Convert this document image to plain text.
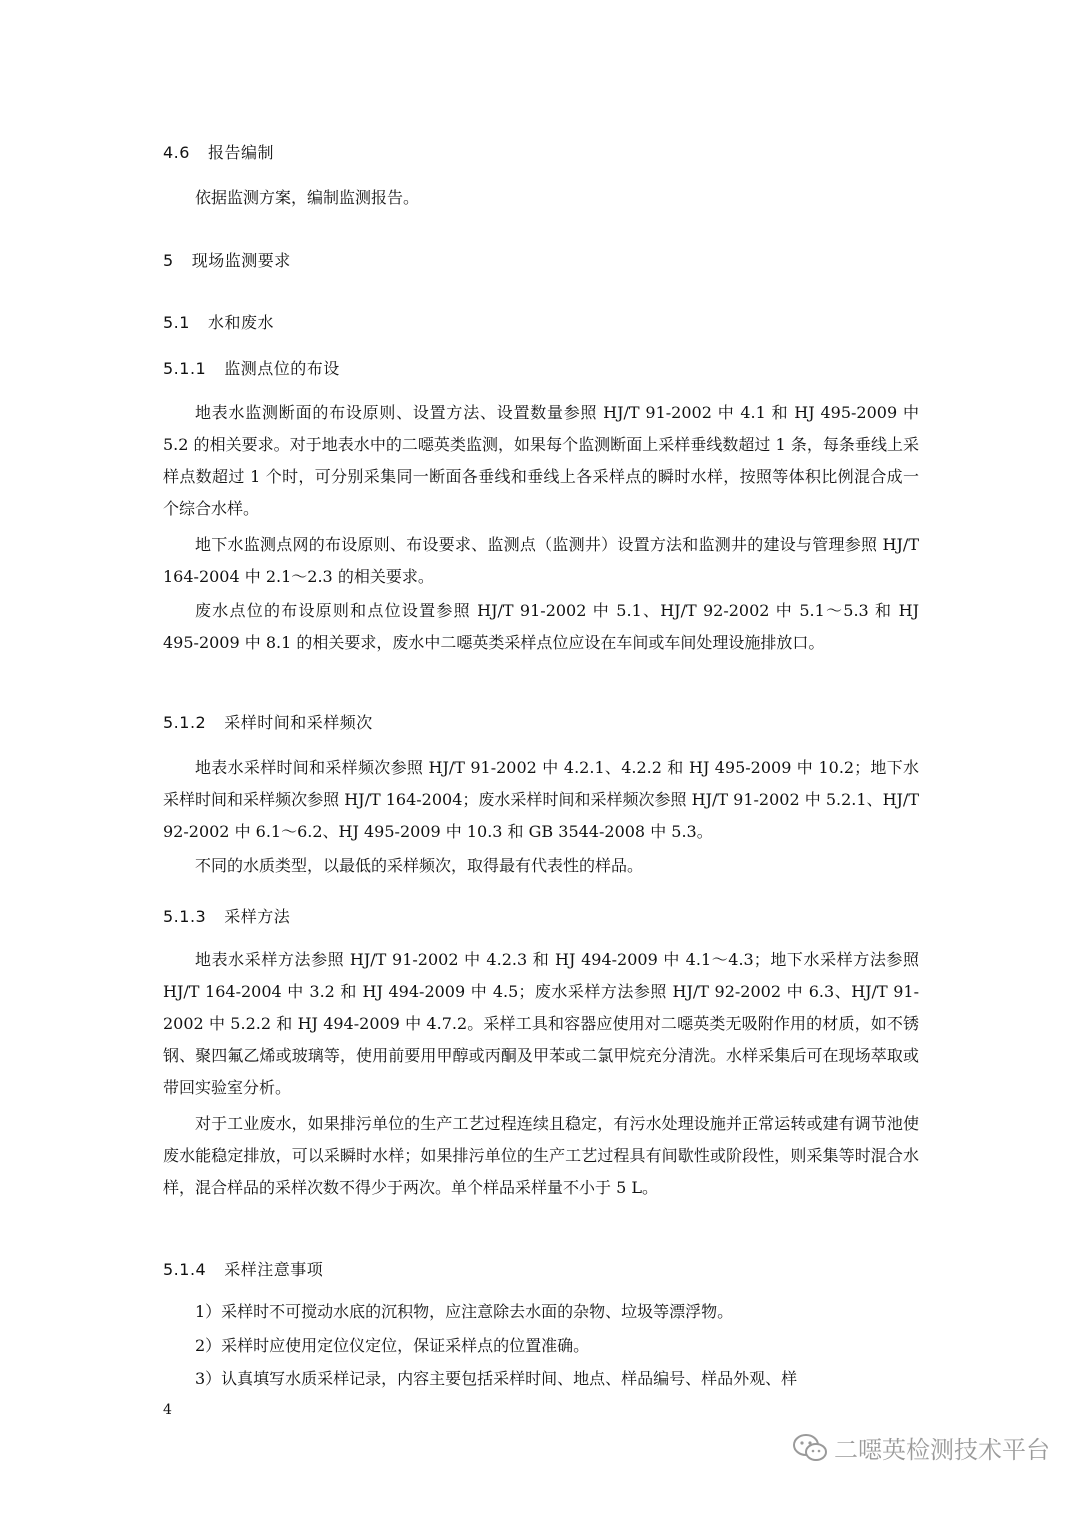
4.6 报告编制

依据监测方案，编制监测报告。

5 现场监测要求
5.1 水和废水
5.1.1 监测点位的布设

地表水监测断面的布设原则、设置方法、设置数量参照 HJ/T 91-2002 中 4.1 和 HJ 495-2009 中 5.2 的相关要求。对于地表水中的二噁英类监测，如果每个监测断面上采样垂线数超过 1 条，每条垂线上采样点数超过 1 个时，可分别采集同一断面各垂线和垂线上各采样点的瞬时水样，按照等体积比例混合成一个综合水样。

地下水监测点网的布设原则、布设要求、监测点（监测井）设置方法和监测井的建设与管理参照 HJ/T 164-2004 中 2.1～2.3 的相关要求。

废水点位的布设原则和点位设置参照 HJ/T 91-2002 中 5.1、HJ/T 92-2002 中 5.1～5.3 和 HJ 495-2009 中 8.1 的相关要求，废水中二噁英类采样点位应设在车间或车间处理设施排放口。

5.1.2 采样时间和采样频次

地表水采样时间和采样频次参照 HJ/T 91-2002 中 4.2.1、4.2.2 和 HJ 495-2009 中 10.2；地下水采样时间和采样频次参照 HJ/T 164-2004；废水采样时间和采样频次参照 HJ/T 91-2002 中 5.2.1、HJ/T 92-2002 中 6.1～6.2、HJ 495-2009 中 10.3 和 GB 3544-2008 中 5.3。

不同的水质类型，以最低的采样频次，取得最有代表性的样品。

5.1.3 采样方法

地表水采样方法参照 HJ/T 91-2002 中 4.2.3 和 HJ 494-2009 中 4.1～4.3；地下水采样方法参照 HJ/T 164-2004 中 3.2 和 HJ 494-2009 中 4.5；废水采样方法参照 HJ/T 92-2002 中 6.3、HJ/T 91-2002 中 5.2.2 和 HJ 494-2009 中 4.7.2。采样工具和容器应使用对二噁英类无吸附作用的材质，如不锈钢、聚四氟乙烯或玻璃等，使用前要用甲醇或丙酮及甲苯或二氯甲烷充分清洗。水样采集后可在现场萃取或带回实验室分析。

对于工业废水，如果排污单位的生产工艺过程连续且稳定，有污水处理设施并正常运转或建有调节池使废水能稳定排放，可以采瞬时水样；如果排污单位的生产工艺过程具有间歇性或阶段性，则采集等时混合水样，混合样品的采样次数不得少于两次。单个样品采样量不小于 5 L。

5.1.4 采样注意事项

1）采样时不可搅动水底的沉积物，应注意除去水面的杂物、垃圾等漂浮物。

2）采样时应使用定位仪定位，保证采样点的位置准确。

3）认真填写水质采样记录，内容主要包括采样时间、地点、样品编号、样品外观、样

4
二噁英检测技术平台
